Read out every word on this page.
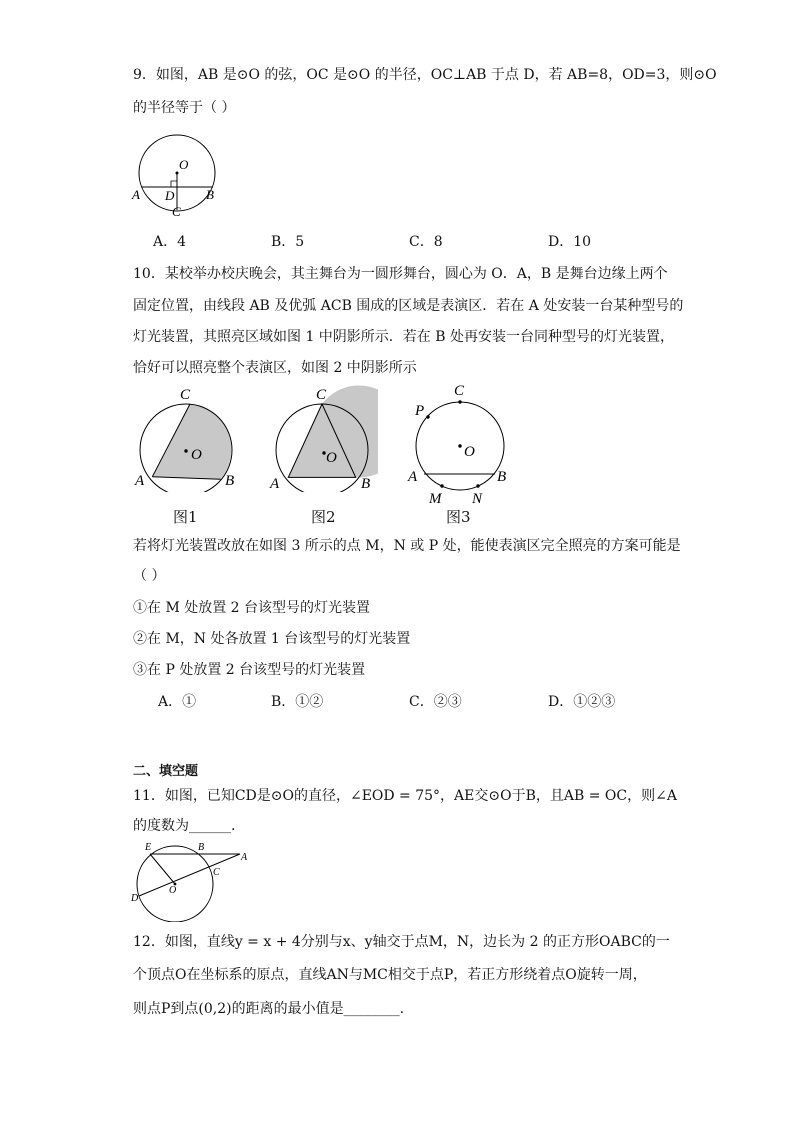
9．如图，AB 是⊙O 的弦，OC 是⊙O 的半径，OC⊥AB 于点 D，若 AB=8，OD=3，则⊙O
的半径等于（ ）
O
A	B
D
C
A．4	B．5	C．8	D．10
10．某校举办校庆晚会，其主舞台为一圆形舞台，圆心为 O．A，B 是舞台边缘上两个
固定位置，由线段 AB 及优弧 ACB 围成的区域是表演区．若在 A 处安装一台某种型号的
灯光装置，其照亮区域如图 1 中阴影所示．若在 B 处再安装一台同种型号的灯光装置，
恰好可以照亮整个表演区，如图 2 中阴影所示
C
O
A	B
图1
C
O
A	B
图2
C
P
O
A	B
M N
图3
若将灯光装置改放在如图 3 所示的点 M，N 或 P 处，能使表演区完全照亮的方案可能是
（ ）
①在 M 处放置 2 台该型号的灯光装置
②在 M，N 处各放置 1 台该型号的灯光装置
③在 P 处放置 2 台该型号的灯光装置
A．①	B．①②	C．②③	D．①②③
二、填空题
11．如图，已知CD是⊙O的直径，∠EOD = 75°，AE交⊙O于B，且AB = OC，则∠A
的度数为______.
E	B
A
O
C
D
12．如图，直线y = x + 4分别与x、y轴交于点M，N，边长为 2 的正方形OABC的一
个顶点O在坐标系的原点，直线AN与MC相交于点P，若正方形绕着点O旋转一周，
则点P到点(0,2)的距离的最小值是________.
